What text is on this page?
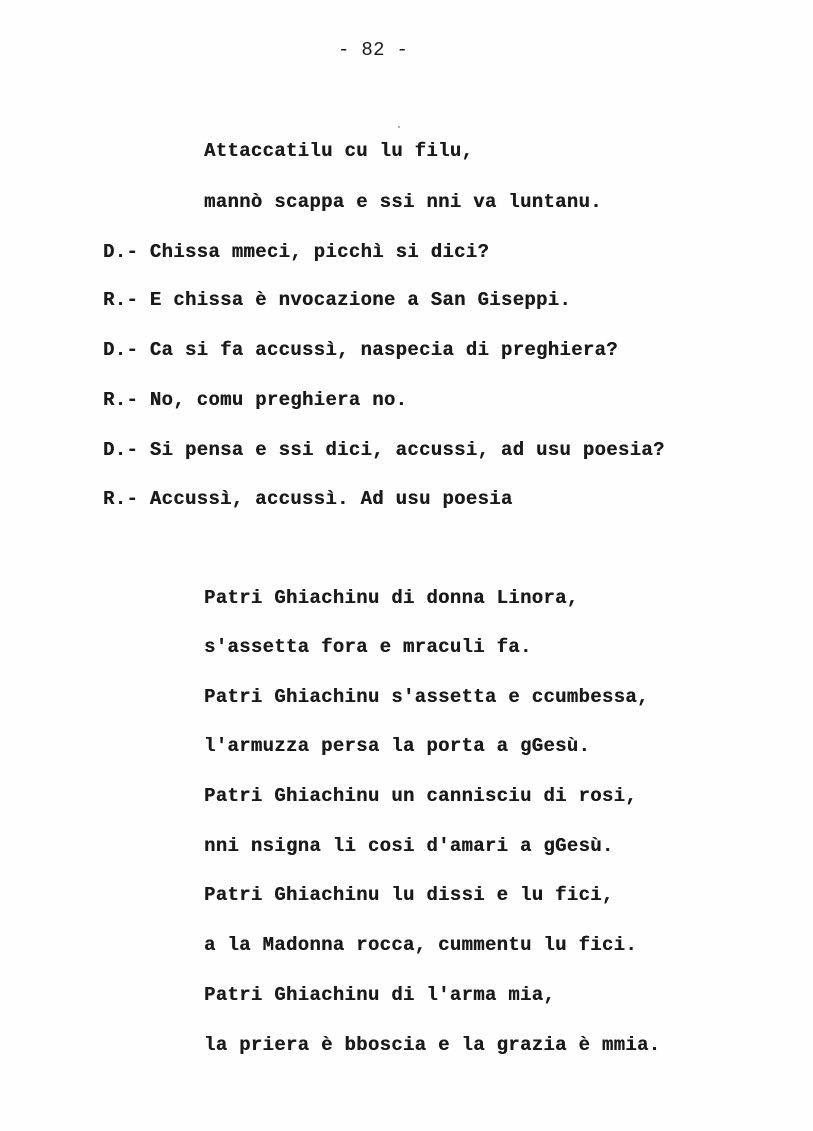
- 82 -
Attaccatilu cu lu filu,
mannò scappa e ssi nni va luntanu.
D.- Chissa mmeci, picchì si dici?
R.- E chissa è nvocazione a San Giseppi.
D.- Ca si fa accussì, naspecia di preghiera?
R.- No, comu preghiera no.
D.- Si pensa e ssi dici, accussi, ad usu poesia?
R.- Accussì, accussì. Ad usu poesia
Patri Ghiachinu di donna Linora,
s'assetta fora e mraculi fa.
Patri Ghiachinu s'assetta e ccumbessa,
l'armuzza persa la porta a gGesù.
Patri Ghiachinu un cannisciu di rosi,
nni nsigna li cosi d'amari a gGesù.
Patri Ghiachinu lu dissi e lu fici,
a la Madonna rocca, cummentu lu fici.
Patri Ghiachinu di l'arma mia,
la priera è bboscia e la grazia è mmia.
